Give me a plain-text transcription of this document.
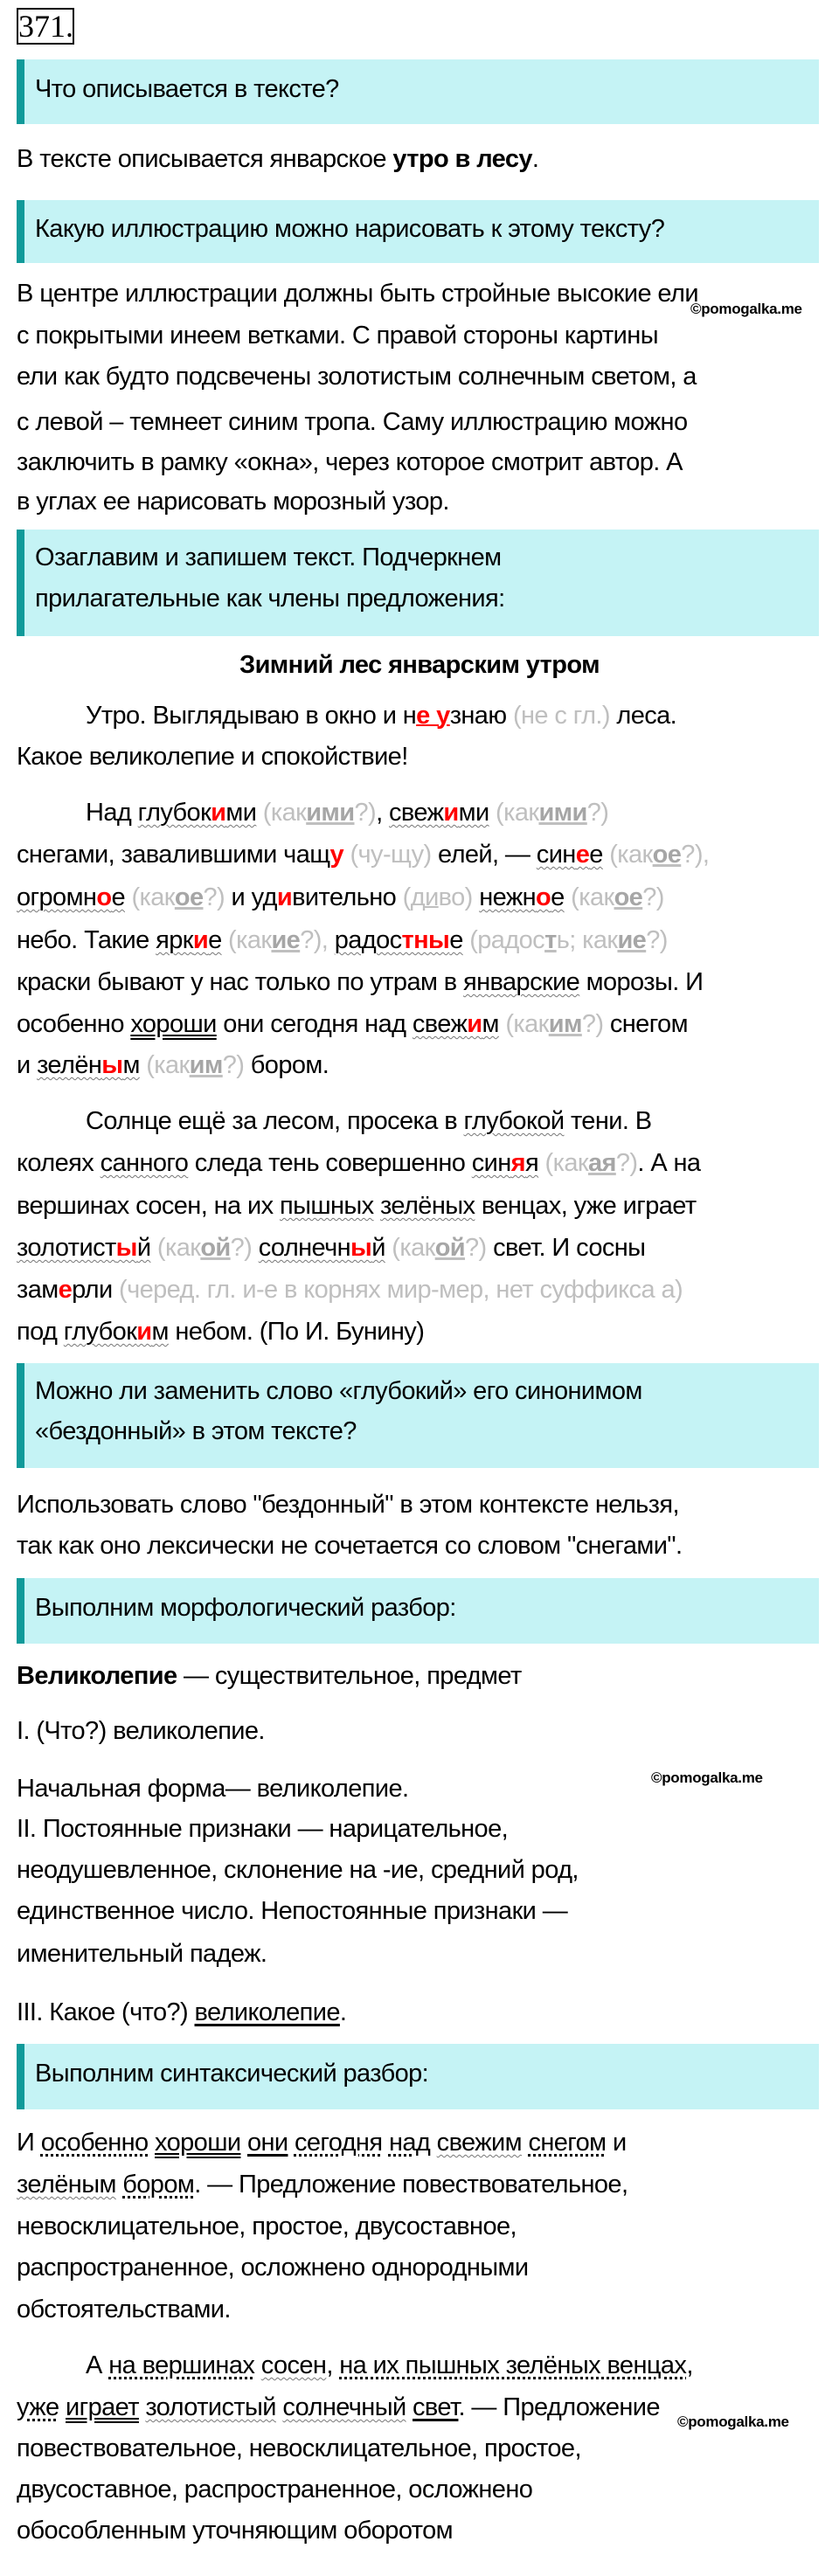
371.
Что описывается в тексте?
В тексте описывается январское утро в лесу.
Какую иллюстрацию можно нарисовать к этому тексту?
В центре иллюстрации должны быть стройные высокие ели
с покрытыми инеем ветками. С правой стороны картины
ели как будто подсвечены золотистым солнечным светом, а
с левой – темнеет синим тропа. Саму иллюстрацию можно
заключить в рамку «окна», через которое смотрит автор. А
в углах ее нарисовать морозный узор.
©pomogalka.me
Озаглавим и запишем текст. Подчеркнем
прилагательные как члены предложения:
Зимний лес январским утром
Утро. Выглядываю в окно и не узнаю (не с гл.) леса.
Какое великолепие и спокойствие!
Над глубокими (какими?), свежими (какими?)
снегами, завалившими чащу (чу-щу) елей, — синее (какое?),
огромное (какое?) и удивительно (диво) нежное (какое?)
небо. Такие яркие (какие?), радостные (радость; какие?)
краски бывают у нас только по утрам в январские морозы. И
особенно хороши они сегодня над свежим (каким?) снегом
и зелёным (каким?) бором.
Солнце ещё за лесом, просека в глубокой тени. В
колеях санного следа тень совершенно синяя (какая?). А на
вершинах сосен, на их пышных зелёных венцах, уже играет
золотистый (какой?) солнечный (какой?) свет. И сосны
замерли (черед. гл. и-е в корнях мир-мер, нет суффикса а)
под глубоким небом. (По И. Бунину)
Можно ли заменить слово «глубокий» его синонимом
«бездонный» в этом тексте?
Использовать слово "бездонный" в этом контексте нельзя,
так как оно лексически не сочетается со словом "снегами".
Выполним морфологический разбор:
Великолепие — существительное, предмет
I. (Что?) великолепие.
Начальная форма— великолепие.
II. Постоянные признаки — нарицательное,
неодушевленное, склонение на -ие, средний род,
единственное число. Непостоянные признаки —
именительный падеж.
III. Какое (что?) великолепие.
©pomogalka.me
Выполним синтаксический разбор:
И особенно хороши они сегодня над свежим снегом и
зелёным бором. — Предложение повествовательное,
невосклицательное, простое, двусоставное,
распространенное, осложнено однородными
обстоятельствами.
А на вершинах сосен, на их пышных зелёных венцах,
уже играет золотистый солнечный свет. — Предложение
повествовательное, невосклицательное, простое,
двусоставное, распространенное, осложнено
обособленным уточняющим оборотом
©pomogalka.me
